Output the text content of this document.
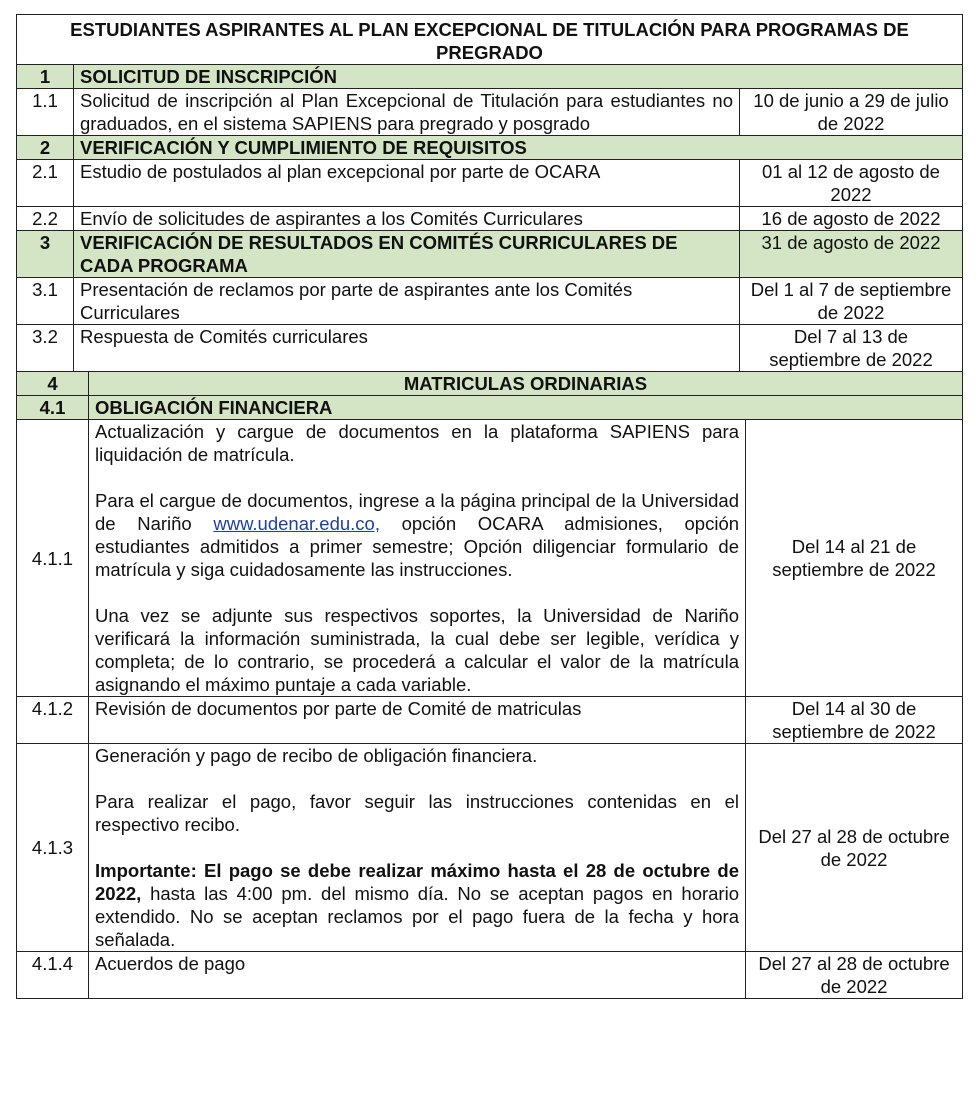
ESTUDIANTES ASPIRANTES AL PLAN EXCEPCIONAL DE TITULACIÓN PARA PROGRAMAS DE PREGRADO		
1	SOLICITUD DE INSCRIPCIÓN	
1.1	Solicitud de inscripción al Plan Excepcional de Titulación para estudiantes no graduados, en el sistema SAPIENS para pregrado y posgrado	10 de junio a 29 de julio de 2022
2	VERIFICACIÓN Y CUMPLIMIENTO DE REQUISITOS	
2.1	Estudio de postulados al plan excepcional por parte de OCARA	01 al 12 de agosto de 2022
2.2	Envío de solicitudes de aspirantes a los Comités Curriculares	16 de agosto de 2022
3	VERIFICACIÓN DE RESULTADOS EN COMITÉS CURRICULARES DE CADA PROGRAMA	31 de agosto de 2022
3.1	Presentación de reclamos por parte de aspirantes ante los Comités Curriculares	Del 1 al 7 de septiembre de 2022
3.2	Respuesta de Comités curriculares	Del 7 al 13 de septiembre de 2022
4	MATRICULAS ORDINARIAS	
4.1	OBLIGACIÓN FINANCIERA	
4.1.1	Actualización y cargue de documentos en la plataforma SAPIENS para liquidación de matrícula.

Para el cargue de documentos, ingrese a la página principal de la Universidad de Nariño www.udenar.edu.co, opción OCARA admisiones, opción estudiantes admitidos a primer semestre; Opción diligenciar formulario de matrícula y siga cuidadosamente las instrucciones.

Una vez se adjunte sus respectivos soportes, la Universidad de Nariño verificará la información suministrada, la cual debe ser legible, verídica y completa; de lo contrario, se procederá a calcular el valor de la matrícula asignando el máximo puntaje a cada variable.	Del 14 al 21 de septiembre de 2022
4.1.2	Revisión de documentos por parte de Comité de matriculas	Del 14 al 30 de septiembre de 2022
4.1.3	Generación y pago de recibo de obligación financiera.

Para realizar el pago, favor seguir las instrucciones contenidas en el respectivo recibo.

Importante: El pago se debe realizar máximo hasta el 28 de octubre de 2022, hasta las 4:00 pm. del mismo día. No se aceptan pagos en horario extendido. No se aceptan reclamos por el pago fuera de la fecha y hora señalada.	Del 27 al 28 de octubre de 2022
4.1.4	Acuerdos de pago	Del 27 al 28 de octubre de 2022
